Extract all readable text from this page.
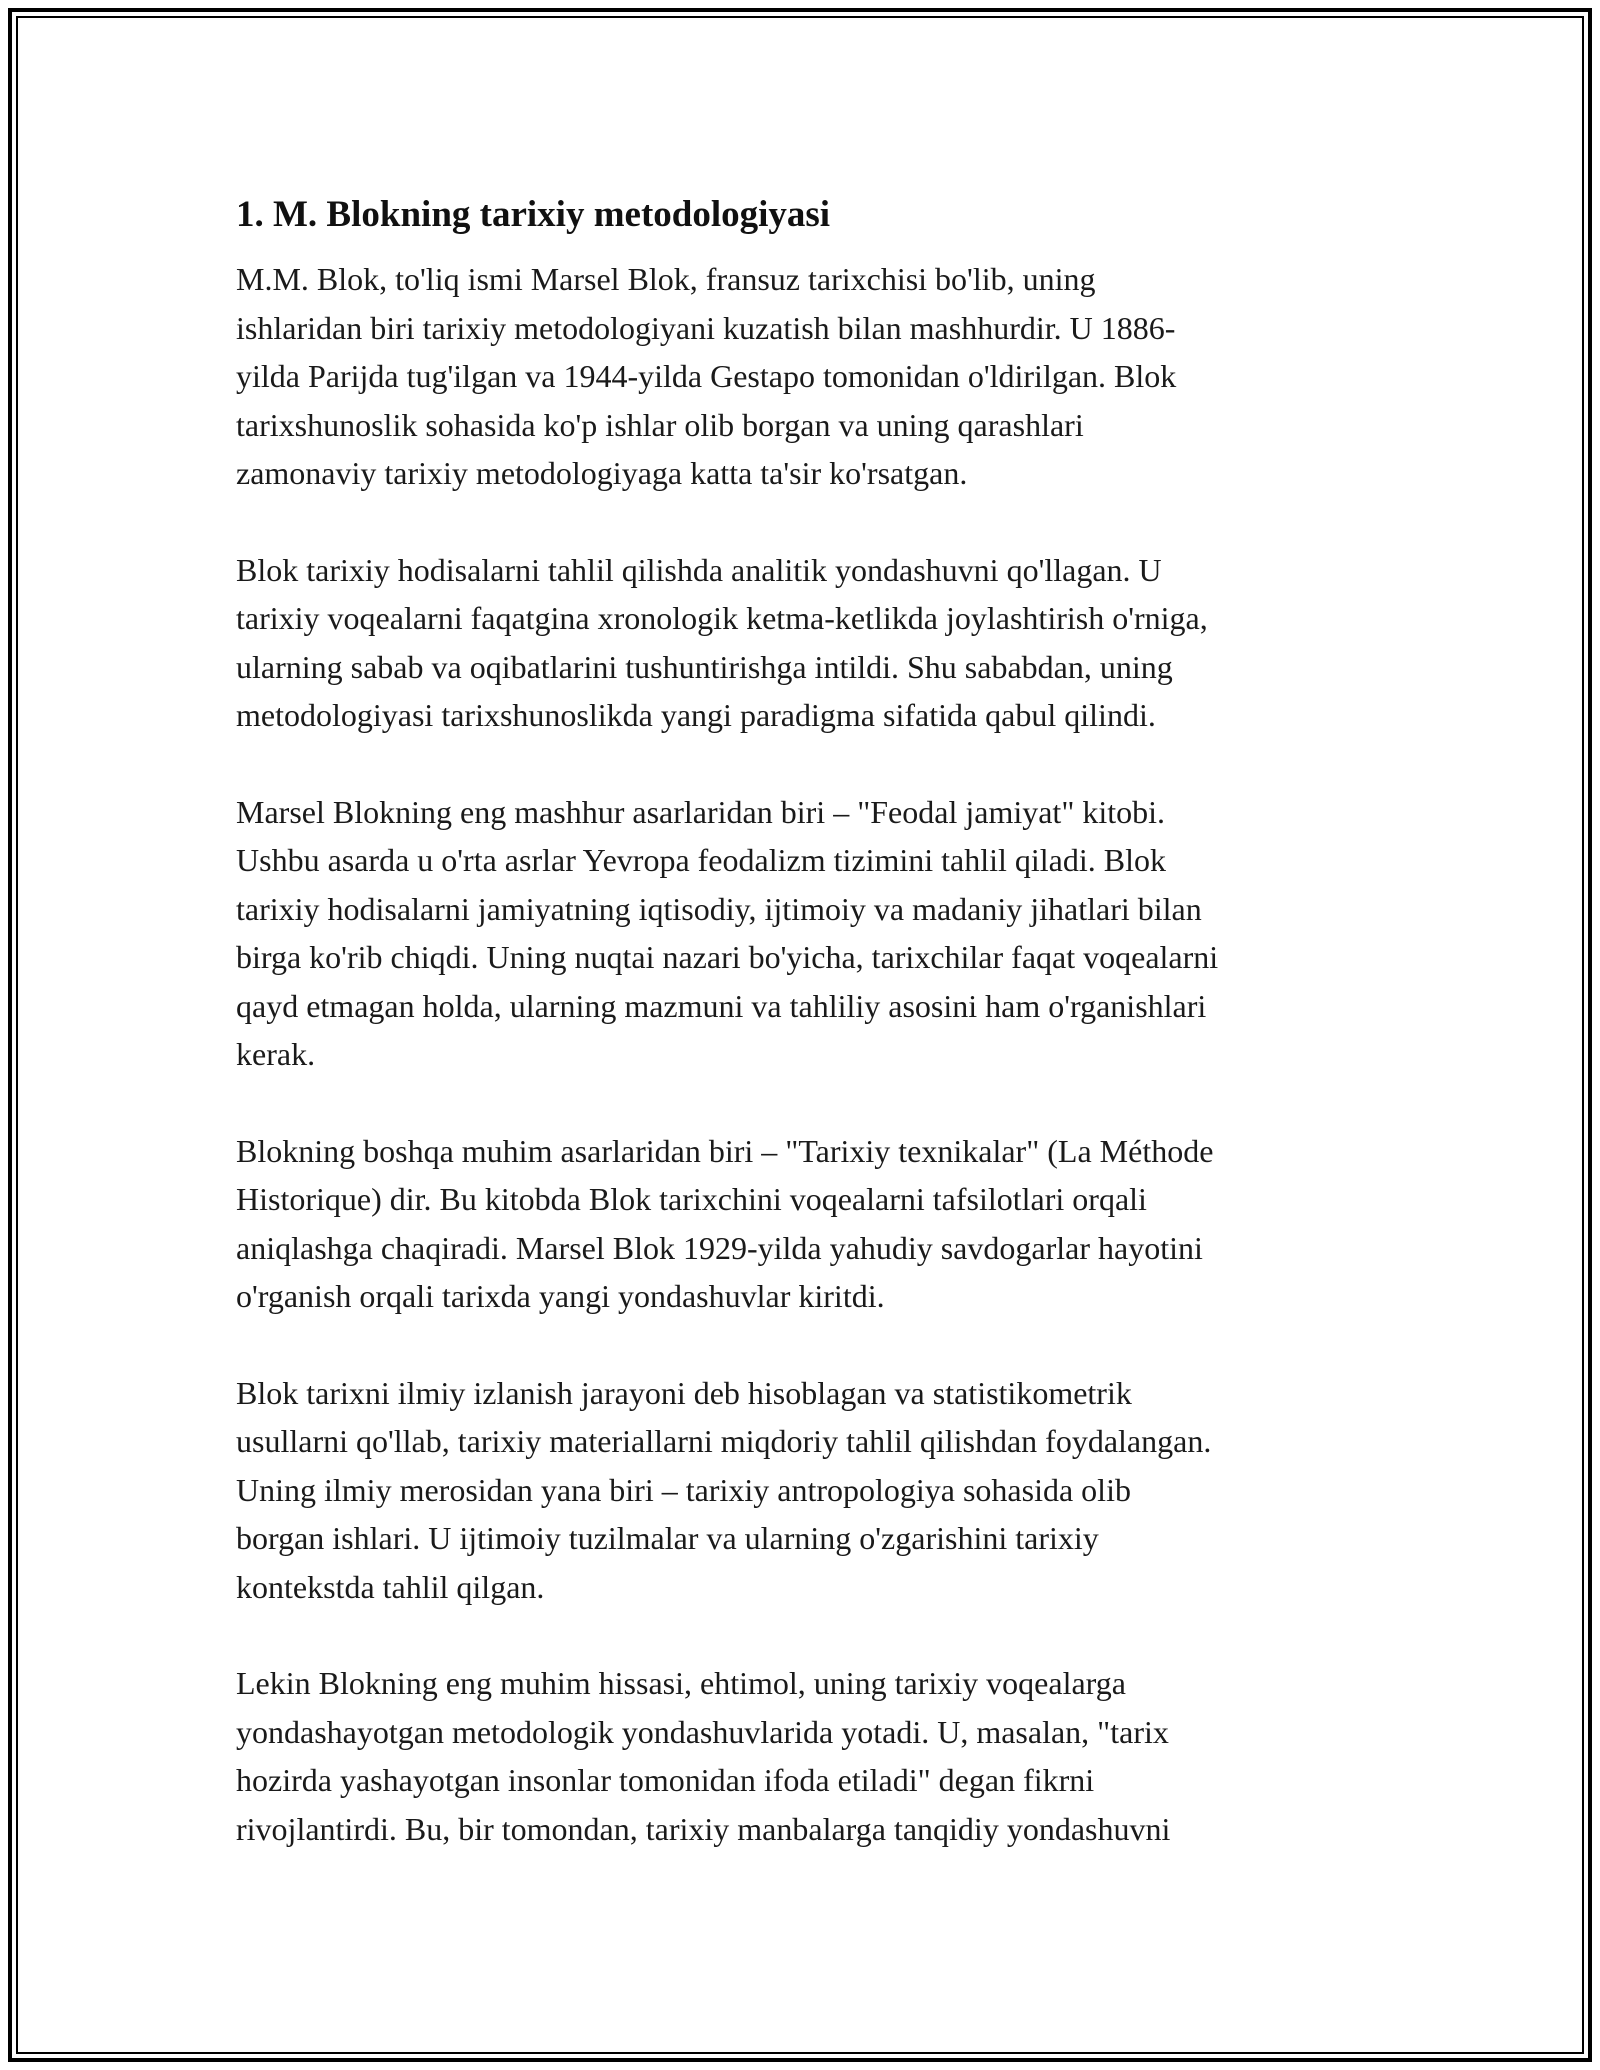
1. M. Blokning tarixiy metodologiyasi

M.M. Blok, to'liq ismi Marsel Blok, fransuz tarixchisi bo'lib, uning
ishlaridan biri tarixiy metodologiyani kuzatish bilan mashhurdir. U 1886-
yilda Parijda tug'ilgan va 1944-yilda Gestapo tomonidan o'ldirilgan. Blok
tarixshunoslik sohasida ko'p ishlar olib borgan va uning qarashlari
zamonaviy tarixiy metodologiyaga katta ta'sir ko'rsatgan.

Blok tarixiy hodisalarni tahlil qilishda analitik yondashuvni qo'llagan. U
tarixiy voqealarni faqatgina xronologik ketma-ketlikda joylashtirish o'rniga,
ularning sabab va oqibatlarini tushuntirishga intildi. Shu sababdan, uning
metodologiyasi tarixshunoslikda yangi paradigma sifatida qabul qilindi.

Marsel Blokning eng mashhur asarlaridan biri – "Feodal jamiyat" kitobi.
Ushbu asarda u o'rta asrlar Yevropa feodalizm tizimini tahlil qiladi. Blok
tarixiy hodisalarni jamiyatning iqtisodiy, ijtimoiy va madaniy jihatlari bilan
birga ko'rib chiqdi. Uning nuqtai nazari bo'yicha, tarixchilar faqat voqealarni
qayd etmagan holda, ularning mazmuni va tahliliy asosini ham o'rganishlari
kerak.

Blokning boshqa muhim asarlaridan biri – "Tarixiy texnikalar" (La Méthode
Historique) dir. Bu kitobda Blok tarixchini voqealarni tafsilotlari orqali
aniqlashga chaqiradi. Marsel Blok 1929-yilda yahudiy savdogarlar hayotini
o'rganish orqali tarixda yangi yondashuvlar kiritdi.

Blok tarixni ilmiy izlanish jarayoni deb hisoblagan va statistikometrik
usullarni qo'llab, tarixiy materiallarni miqdoriy tahlil qilishdan foydalangan.
Uning ilmiy merosidan yana biri – tarixiy antropologiya sohasida olib
borgan ishlari. U ijtimoiy tuzilmalar va ularning o'zgarishini tarixiy
kontekstda tahlil qilgan.

Lekin Blokning eng muhim hissasi, ehtimol, uning tarixiy voqealarga
yondashayotgan metodologik yondashuvlarida yotadi. U, masalan, "tarix
hozirda yashayotgan insonlar tomonidan ifoda etiladi" degan fikrni
rivojlantirdi. Bu, bir tomondan, tarixiy manbalarga tanqidiy yondashuvni
